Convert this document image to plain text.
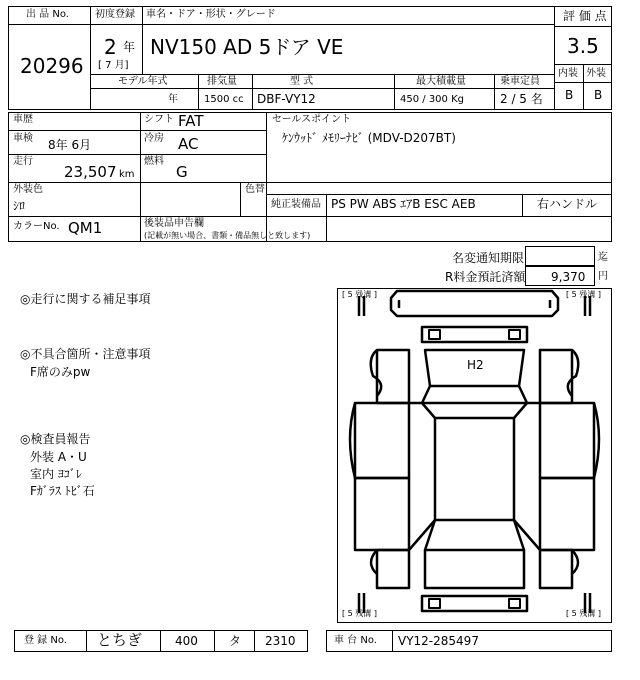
出 品 No.
20296
初度登録
2 年
[ 7 月]
車名・ドア・形状・グレード
NV150 AD 5ドア VE
評 価 点
3.5
内装 外装
B B
モデル年式
年
排気量
1500 cc
型 式
DBF-VY12
最大積載量
450 / 300 Kg
乗車定員
2 / 5 名
車歴
車検 8年 6月
走行
23,507 km
シフト FAT
冷房 AC
燃料
G
セールスポイント
ｹﾝｳｯﾄﾞ ﾒﾓﾘｰﾅﾋﾞ (MDV-D207BT)
外装色
ｼﾛ
色替
純正装備品 PS PW ABS ｴｱB ESC AEB	右ハンドル
カラーNo. QM1	後装品申告欄
(記載が無い場合、書類・備品無しと致します)
名変通知期限	迄
R料金預託済額 9,370 円
◎走行に関する補足事項
◎不具合箇所・注意事項
F席のみpw
◎検査員報告
外装 A・U
室内 ﾖｺﾞﾚ
Fｶﾞﾗｽ ﾄﾋﾞ石
[ 5 残溝 ]	[ 5 残溝 ]
[ 5 残溝 ]	[ 5 残溝 ]
H2
登 録 No. とちぎ	400	タ 2310	車 台 No. VY12-285497
